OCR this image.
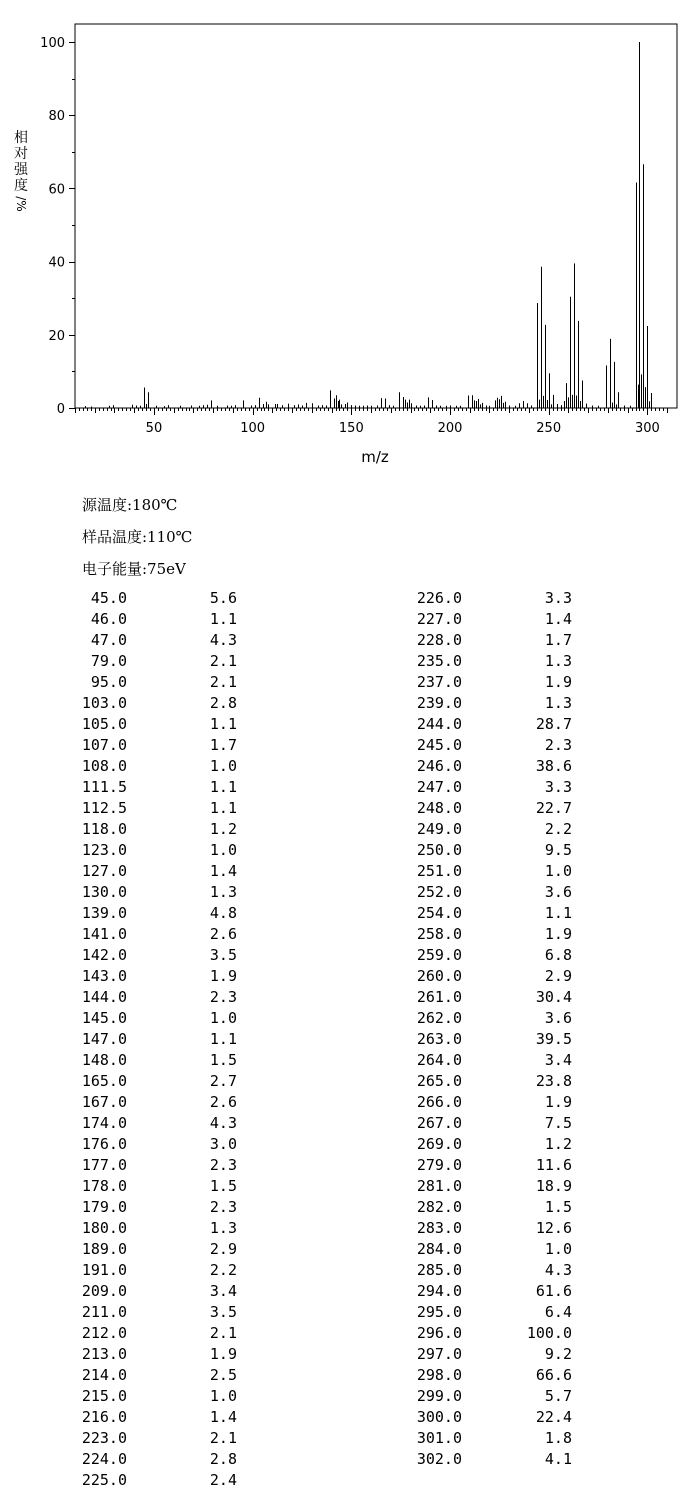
50	100	150	200	250	300
0
20
40
60
80
100
m/z
相
对
强
度
/%
源温度:180℃
样品温度:110℃
电子能量:75eV
45.0	5.6
46.0	1.1
47.0	4.3
79.0	2.1
95.0	2.1
103.0	2.8
105.0	1.1
107.0	1.7
108.0	1.0
111.5	1.1
112.5	1.1
118.0	1.2
123.0	1.0
127.0	1.4
130.0	1.3
139.0	4.8
141.0	2.6
142.0	3.5
143.0	1.9
144.0	2.3
145.0	1.0
147.0	1.1
148.0	1.5
165.0	2.7
167.0	2.6
174.0	4.3
176.0	3.0
177.0	2.3
178.0	1.5
179.0	2.3
180.0	1.3
189.0	2.9
191.0	2.2
209.0	3.4
211.0	3.5
212.0	2.1
213.0	1.9
214.0	2.5
215.0	1.0
216.0	1.4
223.0	2.1
224.0	2.8
225.0	2.4
226.0	3.3
227.0	1.4
228.0	1.7
235.0	1.3
237.0	1.9
239.0	1.3
244.0	28.7
245.0	2.3
246.0	38.6
247.0	3.3
248.0	22.7
249.0	2.2
250.0	9.5
251.0	1.0
252.0	3.6
254.0	1.1
258.0	1.9
259.0	6.8
260.0	2.9
261.0	30.4
262.0	3.6
263.0	39.5
264.0	3.4
265.0	23.8
266.0	1.9
267.0	7.5
269.0	1.2
279.0	11.6
281.0	18.9
282.0	1.5
283.0	12.6
284.0	1.0
285.0	4.3
294.0	61.6
295.0	6.4
296.0	100.0
297.0	9.2
298.0	66.6
299.0	5.7
300.0	22.4
301.0	1.8
302.0	4.1
